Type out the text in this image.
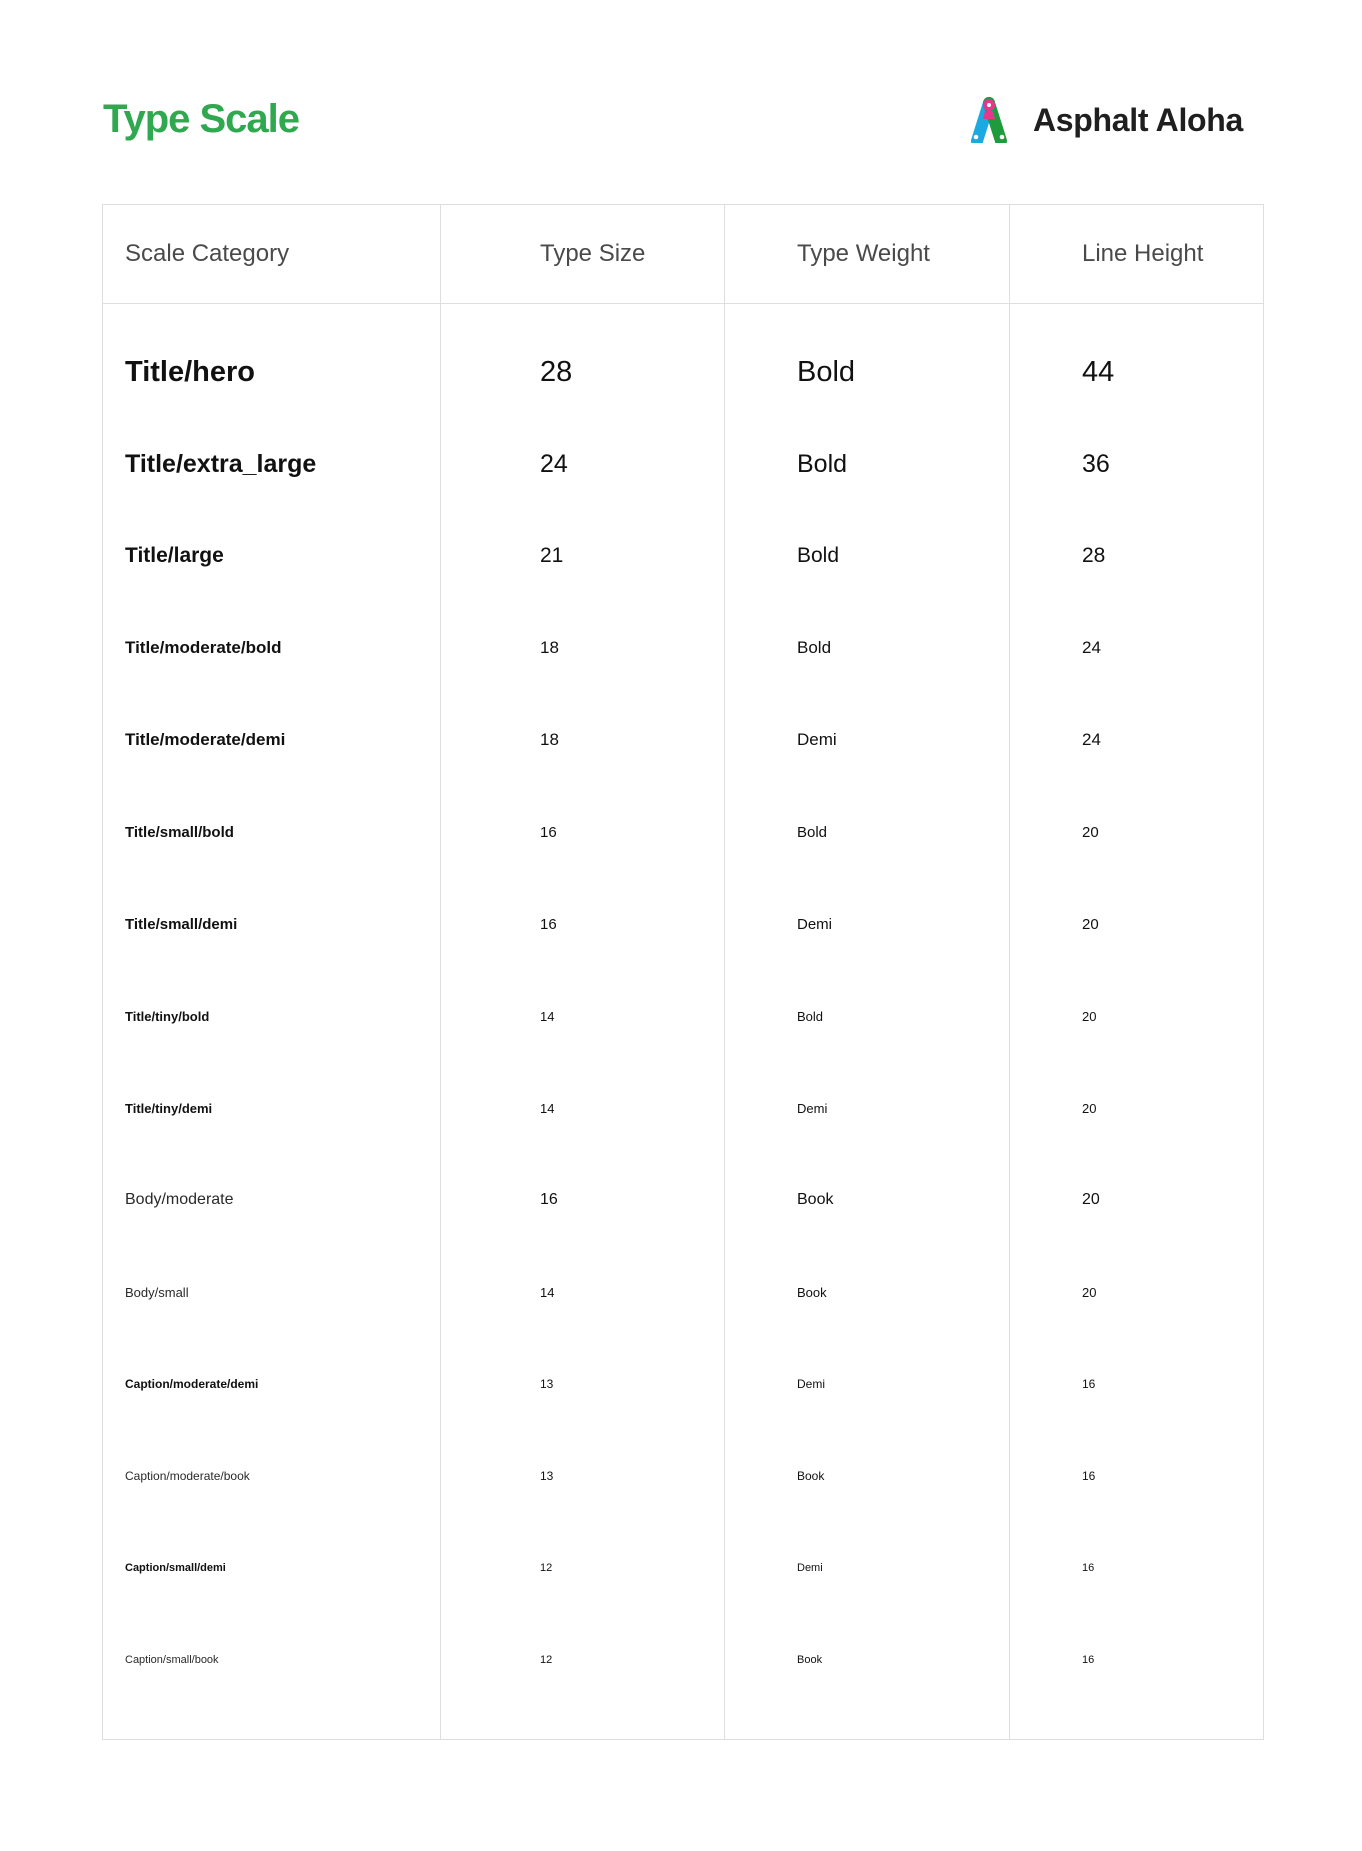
Type Scale	Asphalt Aloha
Scale Category	Type Size	Type Weight	Line Height
Title/hero	28	Bold	44
Title/extra_large	24	Bold	36
Title/large	21	Bold	28
Title/moderate/bold	18	Bold	24
Title/moderate/demi	18	Demi	24
Title/small/bold	16	Bold	20
Title/small/demi	16	Demi	20
Title/tiny/bold	14	Bold	20
Title/tiny/demi	14	Demi	20
Body/moderate	16	Book	20
Body/small	14	Book	20
Caption/moderate/demi	13	Demi	16
Caption/moderate/book	13	Book	16
Caption/small/demi	12	Demi	16
Caption/small/book	12	Book	16
